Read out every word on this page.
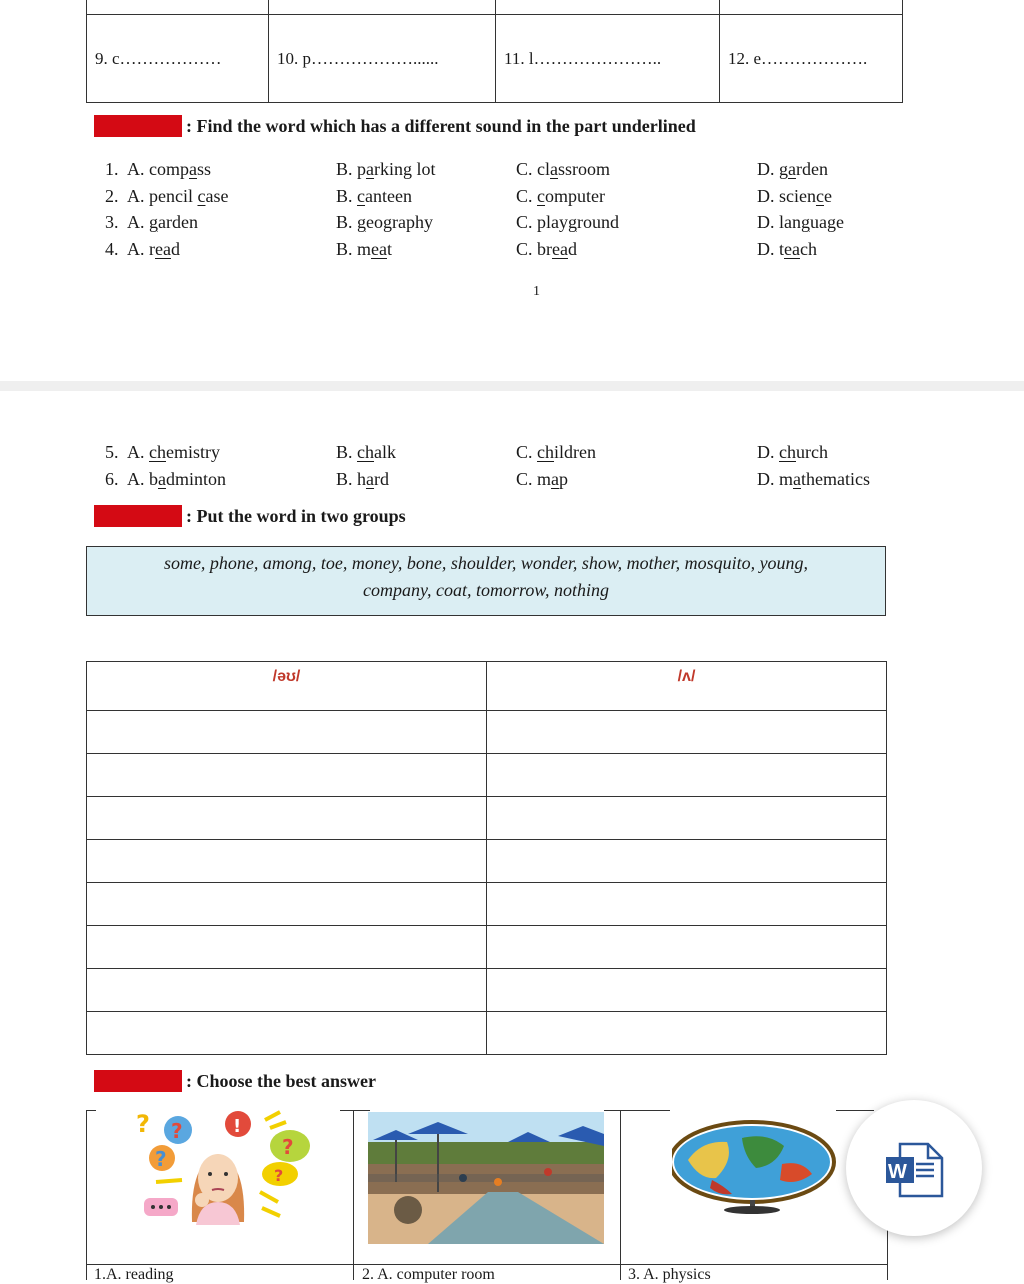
9. c………………	10. p………………......	11. l…………………..	12. e……………….
: Find the word which has a different sound in the part underlined
1. A. compass	B. parking lot	C. classroom	D. garden
2. A. pencil case	B. canteen	C. computer	D. science
3. A. garden	B. geography	C. playground	D. language
4. A. read	B. meat	C. bread	D. teach
5. A. chemistry	B. chalk	C. children	D. church
6. A. badminton	B. hard	C. map	D. mathematics
1
: Put the word in two groups
some, phone, among, toe, money, bone, shoulder, wonder, show, mother, mosquito, young,
company, coat, tomorrow, nothing
/əʊ/	/ʌ/

: Choose the best answer
? ?
?
!
?
?
1.A. reading	2. A. computer room	3. A. physics
W
